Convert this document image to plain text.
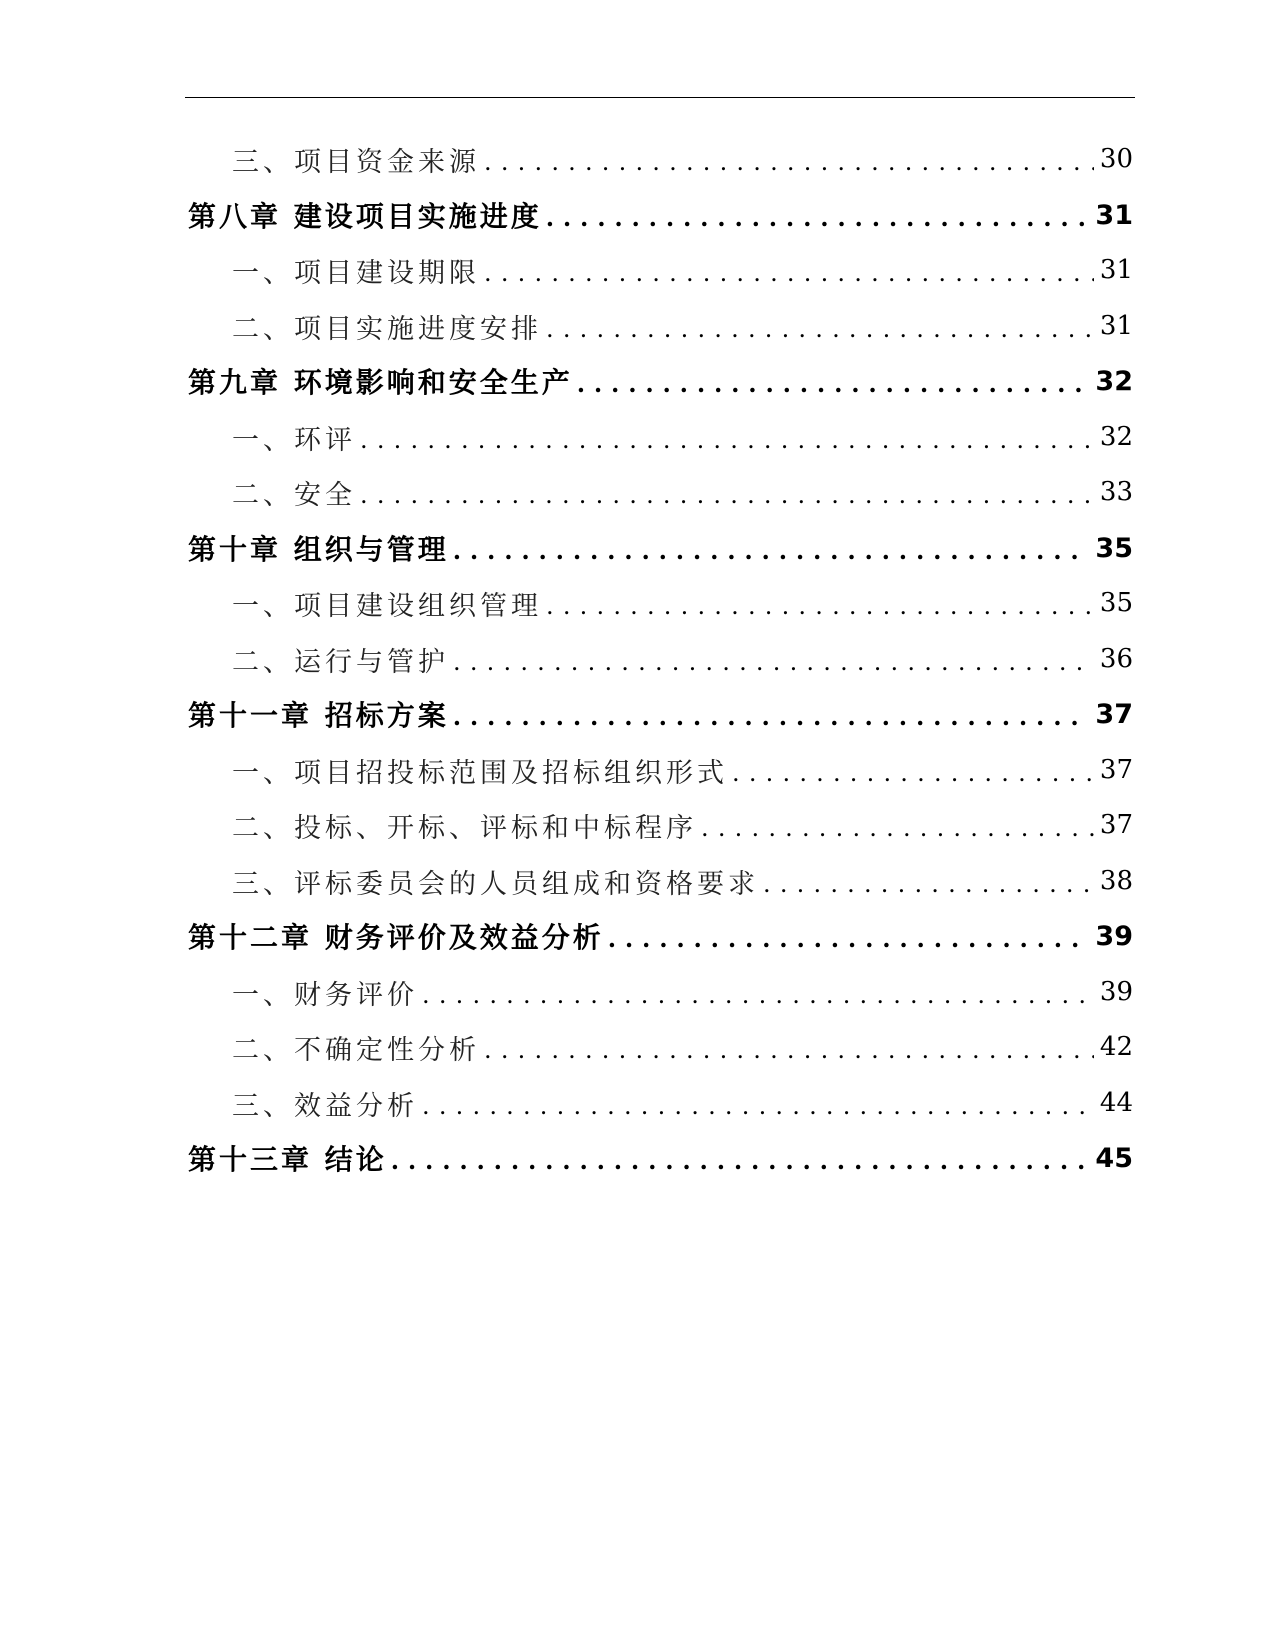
三、项目资金来源 .....	30
第八章 建设项目实施进度 .....	31
一、项目建设期限 .....	31
二、项目实施进度安排 .....	31
第九章 环境影响和安全生产 .....	32
一、环评 .....	32
二、安全 .....	33
第十章 组织与管理 .....	35
一、项目建设组织管理 .....	35
二、运行与管护 .....	36
第十一章 招标方案 .....	37
一、项目招投标范围及招标组织形式 .....	37
二、投标、开标、评标和中标程序 .....	37
三、评标委员会的人员组成和资格要求 .....	38
第十二章 财务评价及效益分析 .....	39
一、财务评价 .....	39
二、不确定性分析 .....	42
三、效益分析 .....	44
第十三章 结论 .....	45
